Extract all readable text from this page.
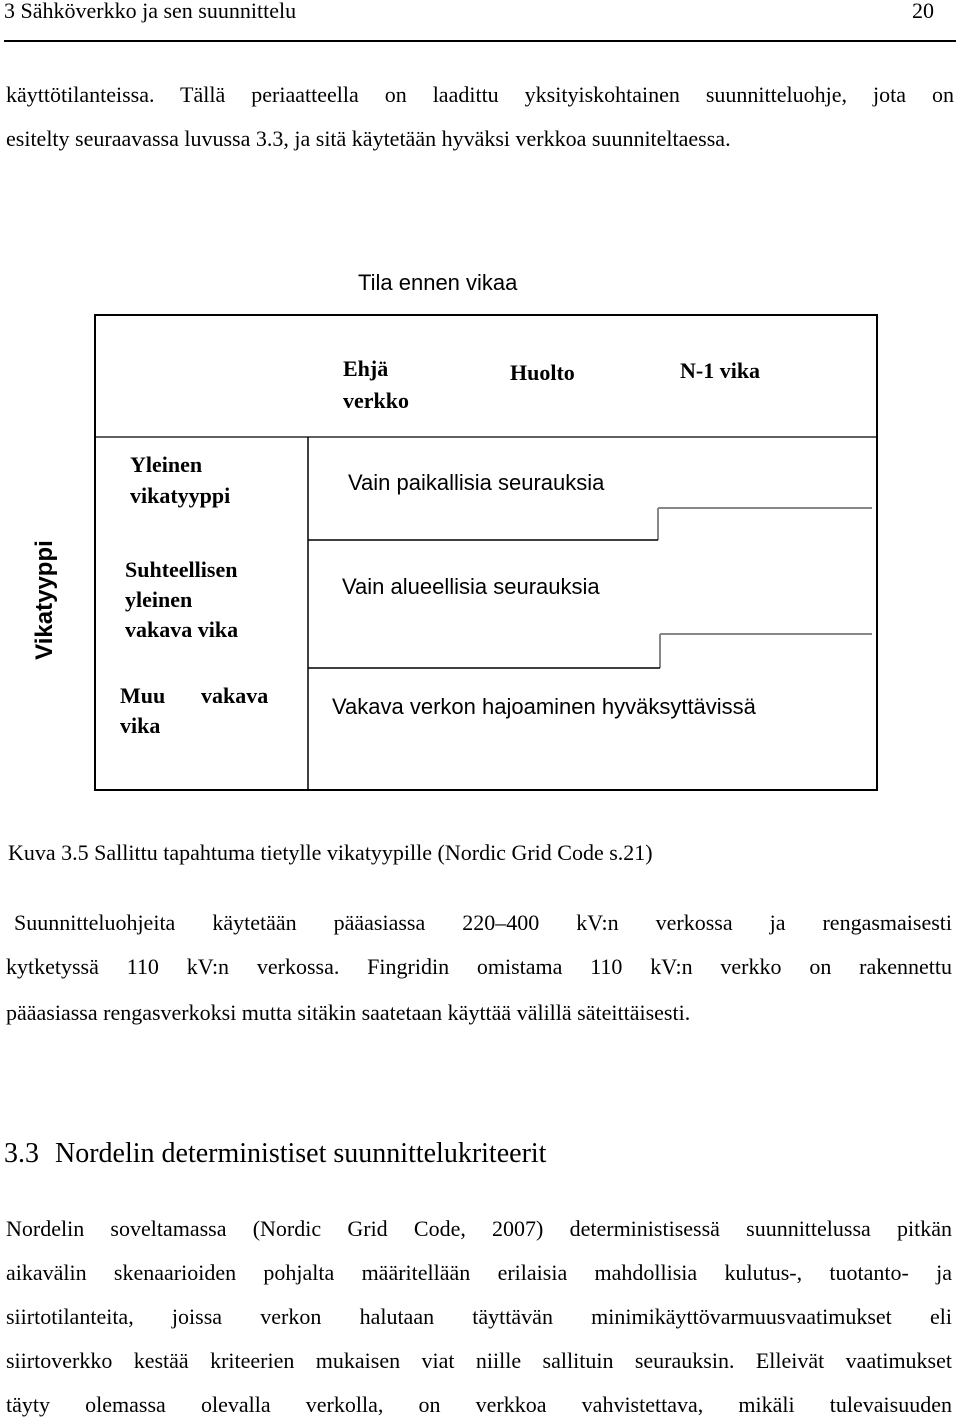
3 Sähköverkko ja sen suunnittelu	20
käyttötilanteissa. Tällä periaatteella on laadittu yksityiskohtainen suunnitteluohje, jota on
esitelty seuraavassa luvussa 3.3, ja sitä käytetään hyväksi verkkoa suunniteltaessa.
Tila ennen vikaa
Ehjä
verkko
Huolto	N-1 vika
Vikatyyppi
Yleinen
vikatyyppi
Suhteellisen
yleinen
vakava vika
Muu vakava
vika
Vain paikallisia seurauksia
Vain alueellisia seurauksia
Vakava verkon hajoaminen hyväksyttävissä
Kuva 3.5 Sallittu tapahtuma tietylle vikatyypille (Nordic Grid Code s.21)
Suunnitteluohjeita käytetään pääasiassa 220–400 kV:n verkossa ja rengasmaisesti
kytketyssä 110 kV:n verkossa. Fingridin omistama 110 kV:n verkko on rakennettu
pääasiassa rengasverkoksi mutta sitäkin saatetaan käyttää välillä säteittäisesti.
3.3 Nordelin deterministiset suunnittelukriteerit
Nordelin soveltamassa (Nordic Grid Code, 2007) deterministisessä suunnittelussa pitkän
aikavälin skenaarioiden pohjalta määritellään erilaisia mahdollisia kulutus-, tuotanto- ja
siirtotilanteita, joissa verkon halutaan täyttävän minimikäyttövarmuusvaatimukset eli
siirtoverkko kestää kriteerien mukaisen viat niille sallituin seurauksin. Elleivät vaatimukset
täyty olemassa olevalla verkolla, on verkkoa vahvistettava, mikäli tulevaisuuden
